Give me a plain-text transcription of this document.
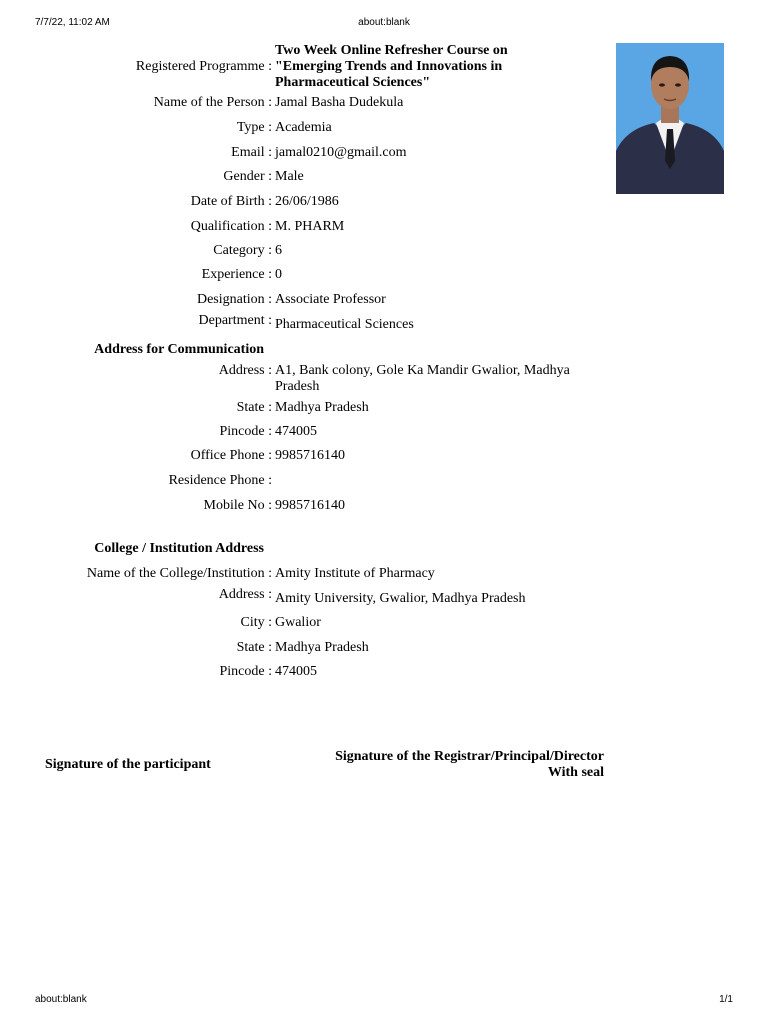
7/7/22, 11:02 AM	about:blank
Registered Programme :
Two Week Online Refresher Course on "Emerging Trends and Innovations in Pharmaceutical Sciences"
Name of the Person : Jamal Basha Dudekula
Type : Academia
Email : jamal0210@gmail.com
Gender : Male
Date of Birth : 26/06/1986
Qualification : M. PHARM
Category : 6
Experience : 0
Designation : Associate Professor
Department : Pharmaceutical Sciences
Address for Communication
Address : A1, Bank colony, Gole Ka Mandir Gwalior, Madhya Pradesh
State : Madhya Pradesh
Pincode : 474005
Office Phone : 9985716140
Residence Phone :
Mobile No : 9985716140
College / Institution Address
Name of the College/Institution : Amity Institute of Pharmacy
Address : Amity University, Gwalior, Madhya Pradesh
City : Gwalior
State : Madhya Pradesh
Pincode : 474005
Signature of the participant
Signature of the Registrar/Principal/Director
With seal
about:blank	1/1
